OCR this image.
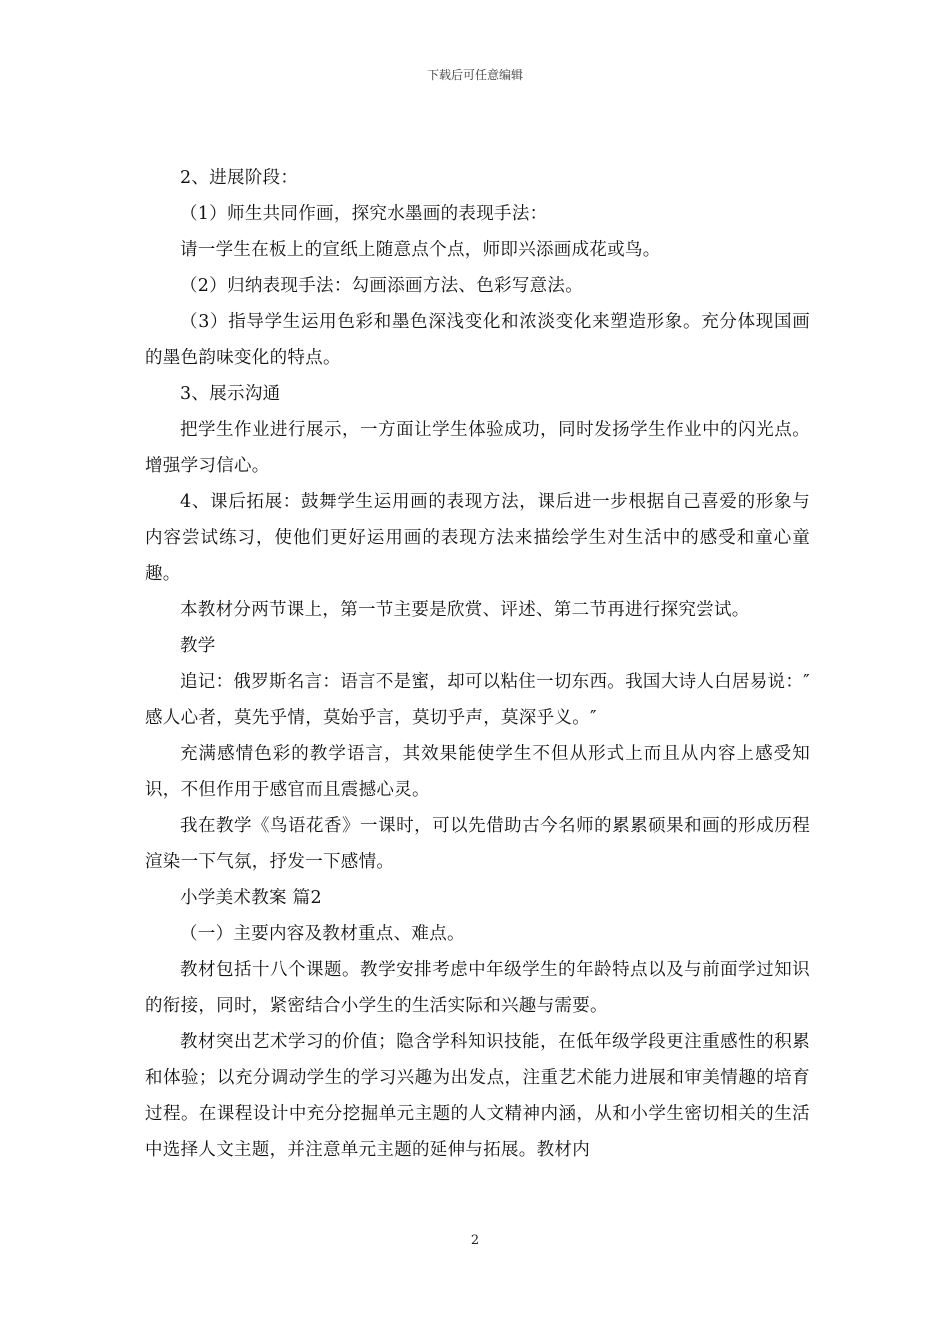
下载后可任意编辑

2、进展阶段：

（1）师生共同作画，探究水墨画的表现手法：

请一学生在板上的宣纸上随意点个点，师即兴添画成花或鸟。

（2）归纳表现手法：勾画添画方法、色彩写意法。

（3）指导学生运用色彩和墨色深浅变化和浓淡变化来塑造形象。充分体现国画的墨色韵味变化的特点。

3、展示沟通

把学生作业进行展示，一方面让学生体验成功，同时发扬学生作业中的闪光点。增强学习信心。

4、课后拓展：鼓舞学生运用画的表现方法，课后进一步根据自己喜爱的形象与内容尝试练习，使他们更好运用画的表现方法来描绘学生对生活中的感受和童心童趣。

本教材分两节课上，第一节主要是欣赏、评述、第二节再进行探究尝试。

教学

追记：俄罗斯名言：语言不是蜜，却可以粘住一切东西。我国大诗人白居易说：″感人心者，莫先乎情，莫始乎言，莫切乎声，莫深乎义。″

充满感情色彩的教学语言，其效果能使学生不但从形式上而且从内容上感受知识，不但作用于感官而且震撼心灵。

我在教学《鸟语花香》一课时，可以先借助古今名师的累累硕果和画的形成历程渲染一下气氛，抒发一下感情。

小学美术教案 篇2

（一）主要内容及教材重点、难点。

教材包括十八个课题。教学安排考虑中年级学生的年龄特点以及与前面学过知识的衔接，同时，紧密结合小学生的生活实际和兴趣与需要。

教材突出艺术学习的价值；隐含学科知识技能，在低年级学段更注重感性的积累和体验；以充分调动学生的学习兴趣为出发点，注重艺术能力进展和审美情趣的培育过程。在课程设计中充分挖掘单元主题的人文精神内涵，从和小学生密切相关的生活中选择人文主题，并注意单元主题的延伸与拓展。教材内

2
